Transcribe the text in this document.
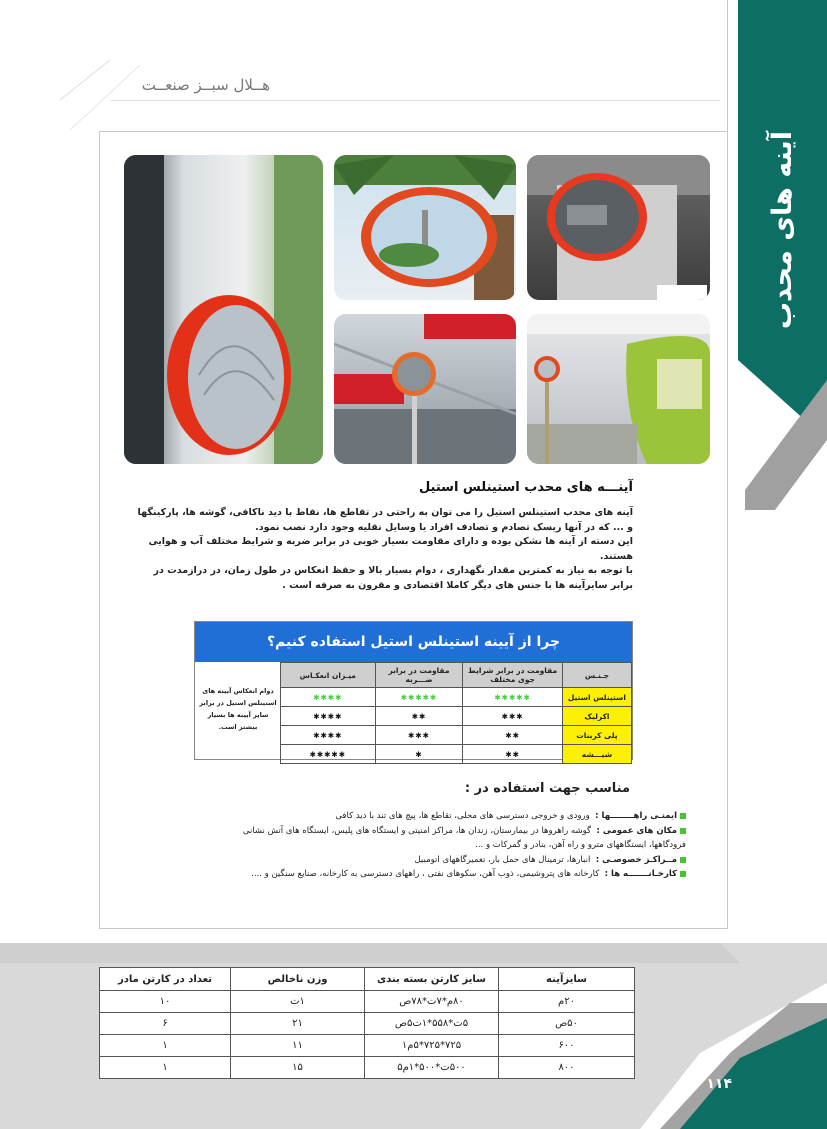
هــلال سبــز صنعــت
آینه های محدب
آینـــه های محدب استینلس استیل
آینه های محدب استینلس استیل را می توان به راحتی در تقاطع ها، نقاط با دید ناکافی، گوشه ها، پارکینگها
و ... که در آنها ریسک تصادم و تصادف افراد یا وسایل نقلیه وجود دارد نصب نمود.
این دسته از آینه ها نشکن بوده و دارای مقاومت بسیار خوبی در برابر ضربه و شرایط مختلف آب و هوایی
هستند.
با توجه به نیاز به کمترین مقدار نگهداری ، دوام بسیار بالا و حفظ انعکاس در طول زمان، در درازمدت در
برابر سایرآینه ها با جنس های دیگر کاملا اقتصادی و مقرون به صرفه است .
چرا از آیینه استینلس استیل استفاده کنیم؟
میـزان انعکـاس	مقاومت در برابر ضـــربه	مقاومت در برابر شرایط جوی مختلف	جـنـس
✱✱✱✱	✱✱✱✱✱	✱✱✱✱✱	استینلس استیل
✱✱✱✱	✱✱	✱✱✱	اکرلیک
✱✱✱✱	✱✱✱	✱✱	پلی کربنات
✱✱✱✱✱	✱	✱✱	شیـــشه
دوام انعکاس آیینه های استینلس استیل در برابر سایر آیینه ها بسیار بیشتر است.
مناسب جهت استفاده در :
ایمنـی راهــــــــها :  ورودی و خروجی دسترسی های محلی، تقاطع ها، پیچ های تند با دید کافی
مکان های عمومی :  گوشه راهروها در بیمارستان، زندان ها، مراکز امنیتی و ایستگاه های پلیس، ایستگاه های آتش نشانی
فرودگاهها، ایستگاههای مترو و راه آهن، بنادر و گمرکات و ...
مــراکـز خصوصـی :  انبارها، ترمینال های حمل بار، تعمیرگاههای اتومبیل
کارخـانـــــــه ها :  کارخانه های پتروشیمی، ذوب آهن، سکوهای نفتی ، راههای دسترسی به کارخانه، صنایع سنگین و ....
سایزآینه	سایز کارتن بسته بندی	وزن ناخالص	تعداد در کارتن مادر
۲۰م	۸۰م*۷ت*۷۸ص	۱ت	۱۰
۵۰ص	۵ت*۵۵۸*۱ت۵ص	۲۱	۶
۶۰۰	۷۲۵*۷۲۵*۵م۱	۱۱	۱
۸۰۰	۵۰۰ت*۵۰۰*۱م۵	۱۵	۱
۱۱۴
